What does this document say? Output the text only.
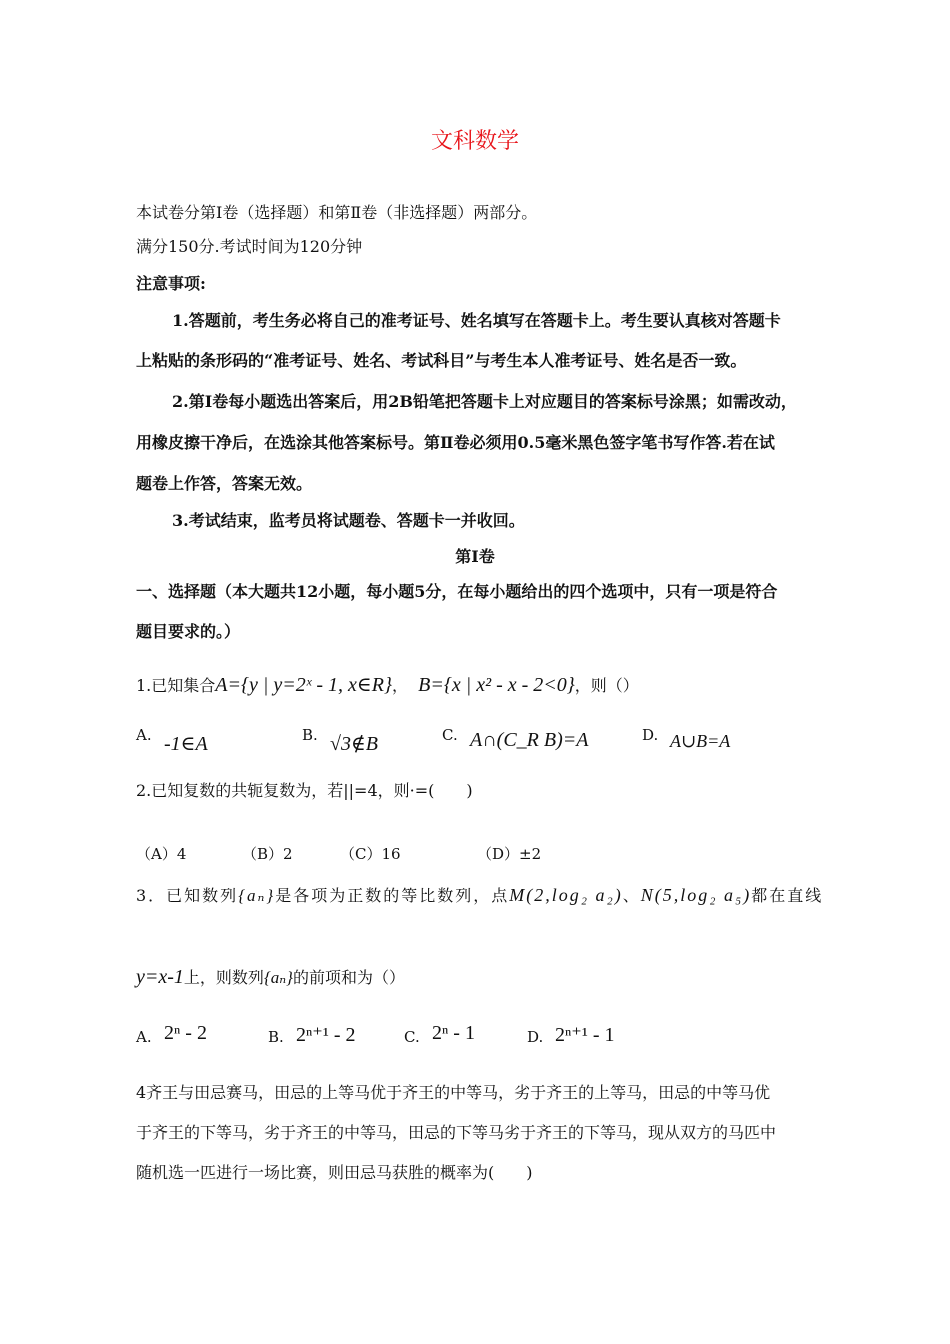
文科数学
本试卷分第Ⅰ卷（选择题）和第Ⅱ卷（非选择题）两部分。
满分150分.考试时间为120分钟
注意事项:
1.答题前，考生务必将自己的准考证号、姓名填写在答题卡上。考生要认真核对答题卡
上粘贴的条形码的“准考证号、姓名、考试科目”与考生本人准考证号、姓名是否一致。
2.第Ⅰ卷每小题选出答案后，用2B铅笔把答题卡上对应题目的答案标号涂黑；如需改动，
用橡皮擦干净后，在选涂其他答案标号。第Ⅱ卷必须用0.5毫米黑色签字笔书写作答.若在试
题卷上作答，答案无效。
3.考试结束，监考员将试题卷、答题卡一并收回。
第Ⅰ卷
一、选择题（本大题共12小题，每小题5分，在每小题给出的四个选项中，只有一项是符合
题目要求的。）
1.已知集合A={y | y=2ˣ - 1, x∈R}， B={x | x² - x - 2<0}，则（）
A. -1∈A	B. √3∉B	C. A∩(C_R B)=A	D. A∪B=A
2.已知复数的共轭复数为，若||=4，则·=(　　)
（A）4	（B）2	（C）16	（D）±2
3．已知数列{aₙ}是各项为正数的等比数列，点M(2,log₂ a₂)、N(5,log₂ a₅)都在直线
y=x-1上，则数列{aₙ}的前项和为（）
A. 2ⁿ - 2	B. 2ⁿ⁺¹ - 2	C. 2ⁿ - 1	D. 2ⁿ⁺¹ - 1
4齐王与田忌赛马，田忌的上等马优于齐王的中等马，劣于齐王的上等马，田忌的中等马优
于齐王的下等马，劣于齐王的中等马，田忌的下等马劣于齐王的下等马，现从双方的马匹中
随机选一匹进行一场比赛，则田忌马获胜的概率为(　　)
